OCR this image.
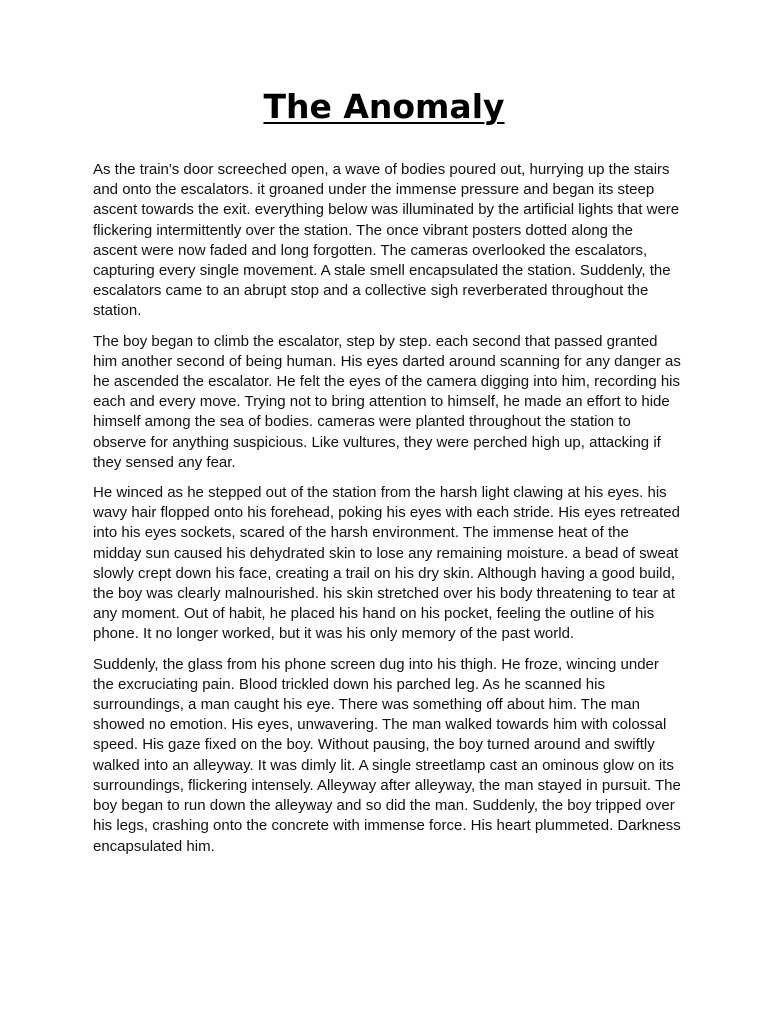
The Anomaly

As the train's door screeched open, a wave of bodies poured out, hurrying up the stairs and onto the escalators. it groaned under the immense pressure and began its steep ascent towards the exit. everything below was illuminated by the artificial lights that were flickering intermittently over the station. The once vibrant posters dotted along the ascent were now faded and long forgotten. The cameras overlooked the escalators, capturing every single movement. A stale smell encapsulated the station. Suddenly, the escalators came to an abrupt stop and a collective sigh reverberated throughout the station.

The boy began to climb the escalator, step by step. each second that passed granted him another second of being human. His eyes darted around scanning for any danger as he ascended the escalator. He felt the eyes of the camera digging into him, recording his each and every move. Trying not to bring attention to himself, he made an effort to hide himself among the sea of bodies. cameras were planted throughout the station to observe for anything suspicious. Like vultures, they were perched high up, attacking if they sensed any fear.

He winced as he stepped out of the station from the harsh light clawing at his eyes. his wavy hair flopped onto his forehead, poking his eyes with each stride. His eyes retreated into his eyes sockets, scared of the harsh environment. The immense heat of the midday sun caused his dehydrated skin to lose any remaining moisture. a bead of sweat slowly crept down his face, creating a trail on his dry skin. Although having a good build, the boy was clearly malnourished. his skin stretched over his body threatening to tear at any moment. Out of habit, he placed his hand on his pocket, feeling the outline of his phone. It no longer worked, but it was his only memory of the past world.

Suddenly, the glass from his phone screen dug into his thigh. He froze, wincing under the excruciating pain. Blood trickled down his parched leg. As he scanned his surroundings, a man caught his eye. There was something off about him. The man showed no emotion. His eyes, unwavering. The man walked towards him with colossal speed. His gaze fixed on the boy. Without pausing, the boy turned around and swiftly walked into an alleyway. It was dimly lit. A single streetlamp cast an ominous glow on its surroundings, flickering intensely. Alleyway after alleyway, the man stayed in pursuit. The boy began to run down the alleyway and so did the man. Suddenly, the boy tripped over his legs, crashing onto the concrete with immense force. His heart plummeted. Darkness encapsulated him.
